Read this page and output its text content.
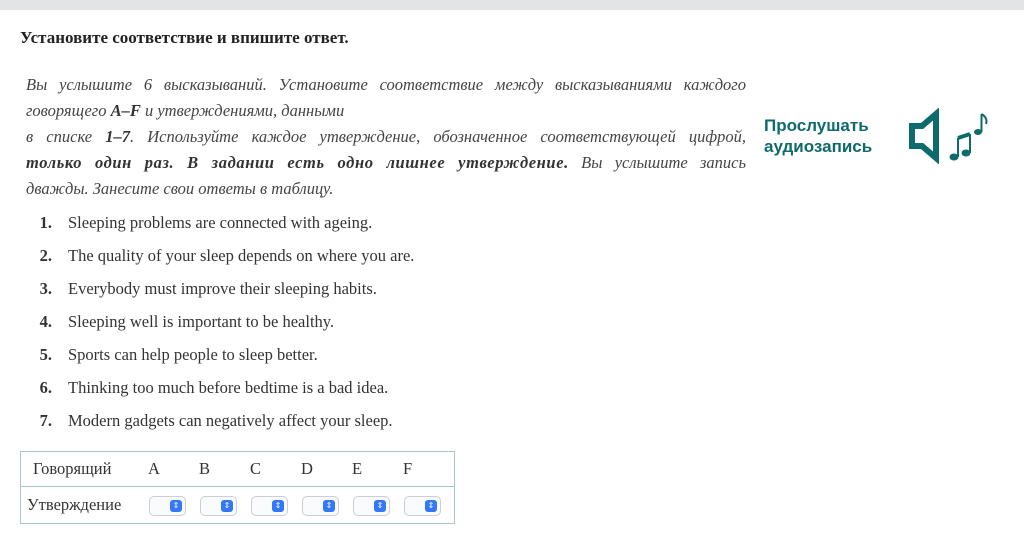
Установите соответствие и впишите ответ.
Вы услышите 6 высказываний. Установите соответствие между высказываниями каждого
говорящего A–F и утверждениями, данными

в списке 1–7. Используйте каждое утверждение, обозначенное соответствующей цифрой,
только один раз. В задании есть одно лишнее утверждение. Вы услышите запись
дважды. Занесите свои ответы в таблицу.
Прослушать
аудиозапись
1. Sleeping problems are connected with ageing.
2. The quality of your sleep depends on where you are.
3. Everybody must improve their sleeping habits.
4. Sleeping well is important to be healthy.
5. Sports can help people to sleep better.
6. Thinking too much before bedtime is a bad idea.
7. Modern gadgets can negatively affect your sleep.
Говорящий	A	B	C	D	E	F
Утверждение	⇕	⇕	⇕	⇕	⇕	⇕
